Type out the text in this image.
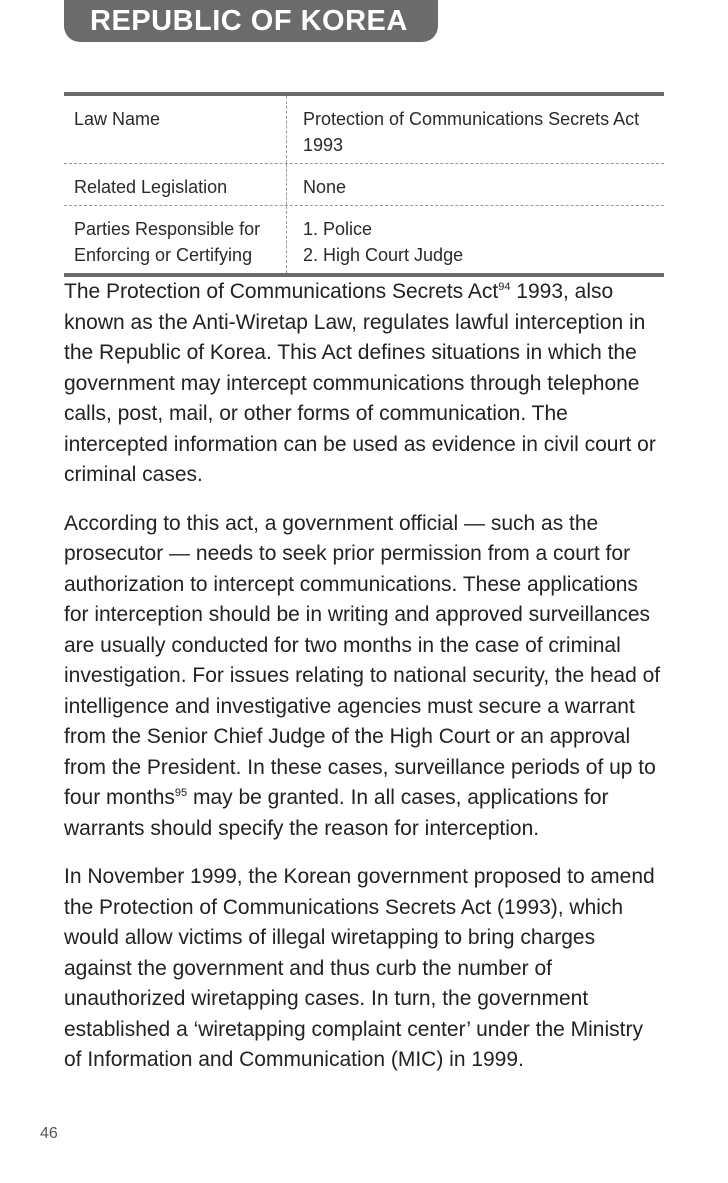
REPUBLIC OF KOREA
Law Name	Protection of Communications Secrets Act 1993
Related Legislation	None
Parties Responsible for Enforcing or Certifying
1. Police
2. High Court Judge

The Protection of Communications Secrets Act$^{94}$ 1993, also known as the Anti-Wiretap Law, regulates lawful interception in the Republic of Korea. This Act defines situations in which the government may intercept communications through telephone calls, post, mail, or other forms of communication. The intercepted information can be used as evidence in civil court or criminal cases.

According to this act, a government official — such as the prosecutor — needs to seek prior permission from a court for authorization to intercept communications. These applications for interception should be in writing and approved surveillances are usually conducted for two months in the case of criminal investigation. For issues relating to national security, the head of intelligence and investigative agencies must secure a warrant from the Senior Chief Judge of the High Court or an approval from the President. In these cases, surveillance periods of up to four months$^{95}$ may be granted. In all cases, applications for warrants should specify the reason for interception.

In November 1999, the Korean government proposed to amend the Protection of Communications Secrets Act (1993), which would allow victims of illegal wiretapping to bring charges against the government and thus curb the number of unauthorized wiretapping cases. In turn, the government established a ‘wiretapping complaint center’ under the Ministry of Information and Communication (MIC) in 1999.

46
